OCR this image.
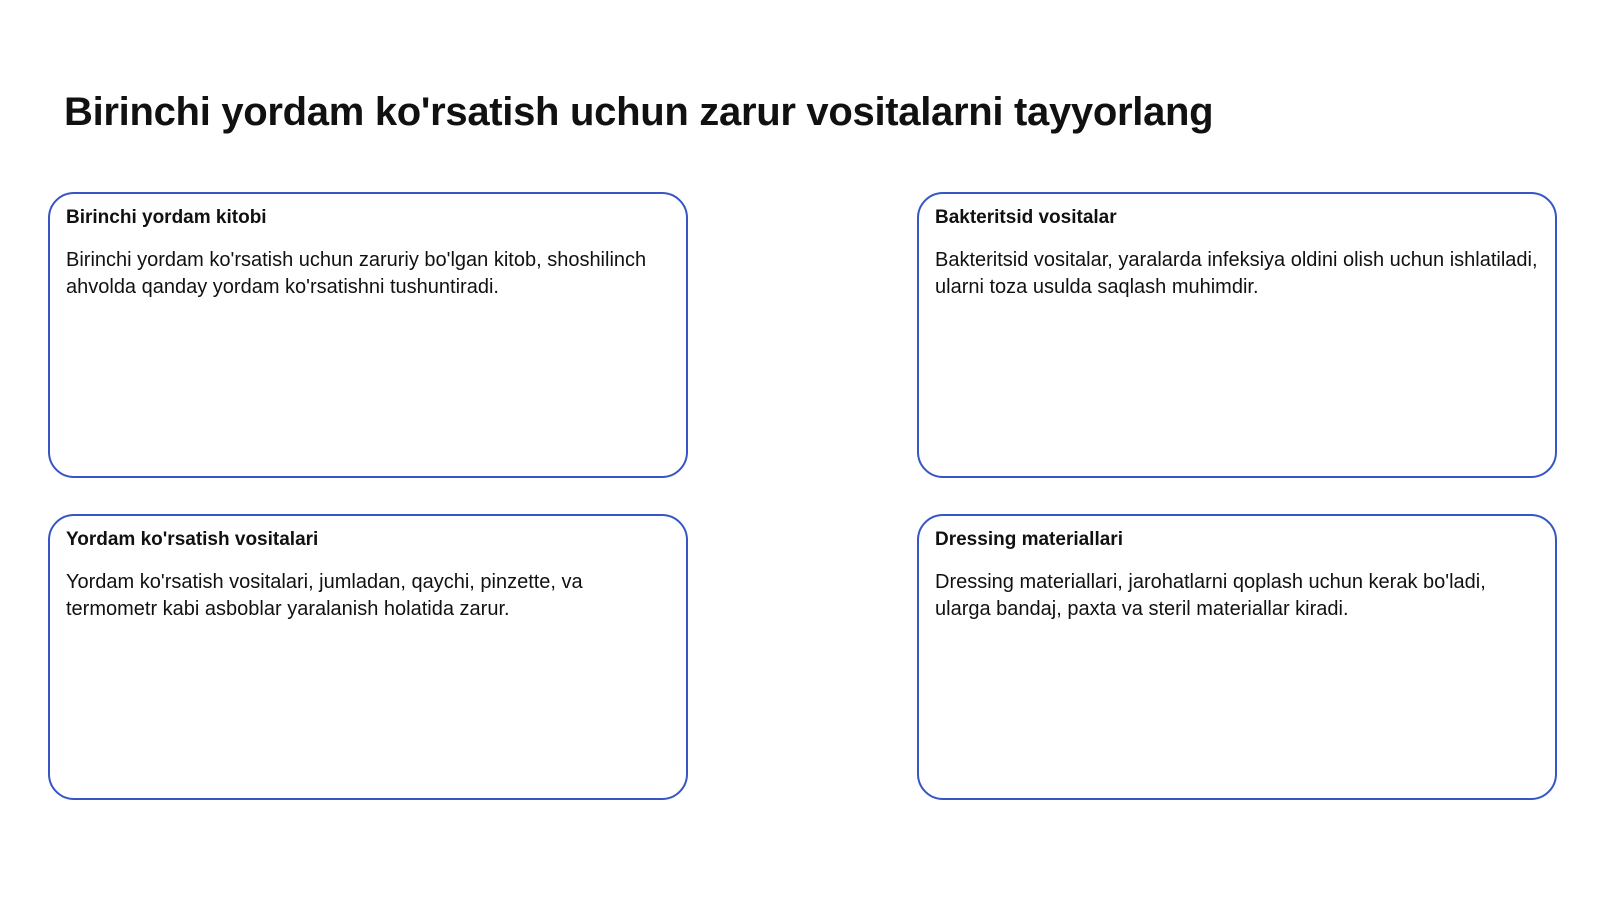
Birinchi yordam ko'rsatish uchun zarur vositalarni tayyorlang
Birinchi yordam kitobi

Birinchi yordam ko'rsatish uchun zaruriy bo'lgan kitob, shoshilinch ahvolda qanday yordam ko'rsatishni tushuntiradi.

Bakteritsid vositalar

Bakteritsid vositalar, yaralarda infeksiya oldini olish uchun ishlatiladi, ularni toza usulda saqlash muhimdir.

Yordam ko'rsatish vositalari

Yordam ko'rsatish vositalari, jumladan, qaychi, pinzette, va termometr kabi asboblar yaralanish holatida zarur.

Dressing materiallari

Dressing materiallari, jarohatlarni qoplash uchun kerak bo'ladi, ularga bandaj, paxta va steril materiallar kiradi.
